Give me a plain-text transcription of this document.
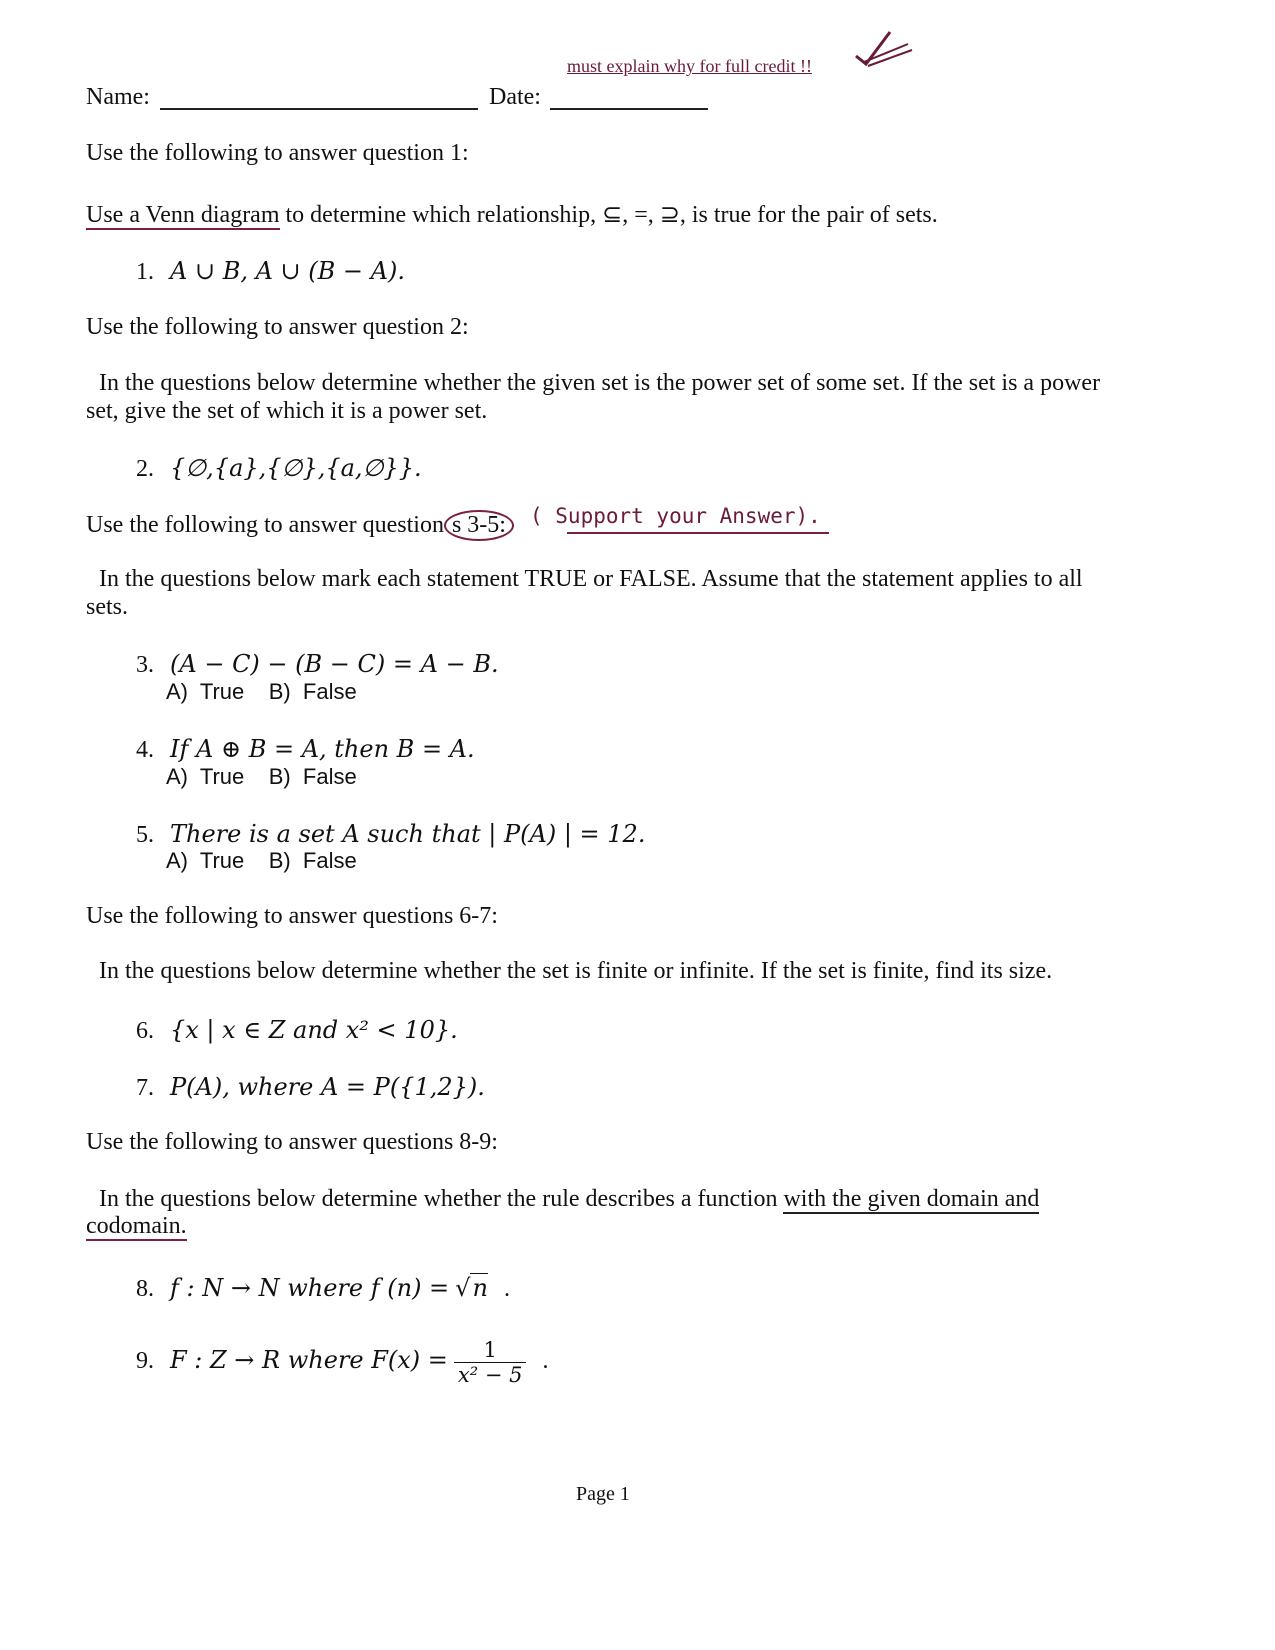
must explain why for full credit !!
Name:	Date:
Use the following to answer question 1:
Use a Venn diagram to determine which relationship, ⊆, =, ⊇, is true for the pair of sets.
1. A ∪ B, A ∪ (B − A).
Use the following to answer question 2:
In the questions below determine whether the given set is the power set of some set. If the set is a power
set, give the set of which it is a power set.
2. {∅,{a},{∅},{a,∅}}.
Use the following to answer question s 3-5:	( Support your Answer).
In the questions below mark each statement TRUE or FALSE. Assume that the statement applies to all
sets.
3. (A − C) − (B − C) = A − B.
A)  True    B)  False
4. If A ⊕ B = A, then B = A.
A)  True    B)  False
5. There is a set A such that | P(A) | = 12.
A)  True    B)  False
Use the following to answer questions 6-7:
In the questions below determine whether the set is finite or infinite. If the set is finite, find its size.
6. {x | x ∈ Z and x² < 10}.
7. P(A), where A = P({1,2}).
Use the following to answer questions 8-9:
In the questions below determine whether the rule describes a function with the given domain and
codomain.
8. f : N → N where f (n) = √n .
9. F : Z → R where $F(x) = \frac{1}{\text{x² − 5}}$ .
Page 1
